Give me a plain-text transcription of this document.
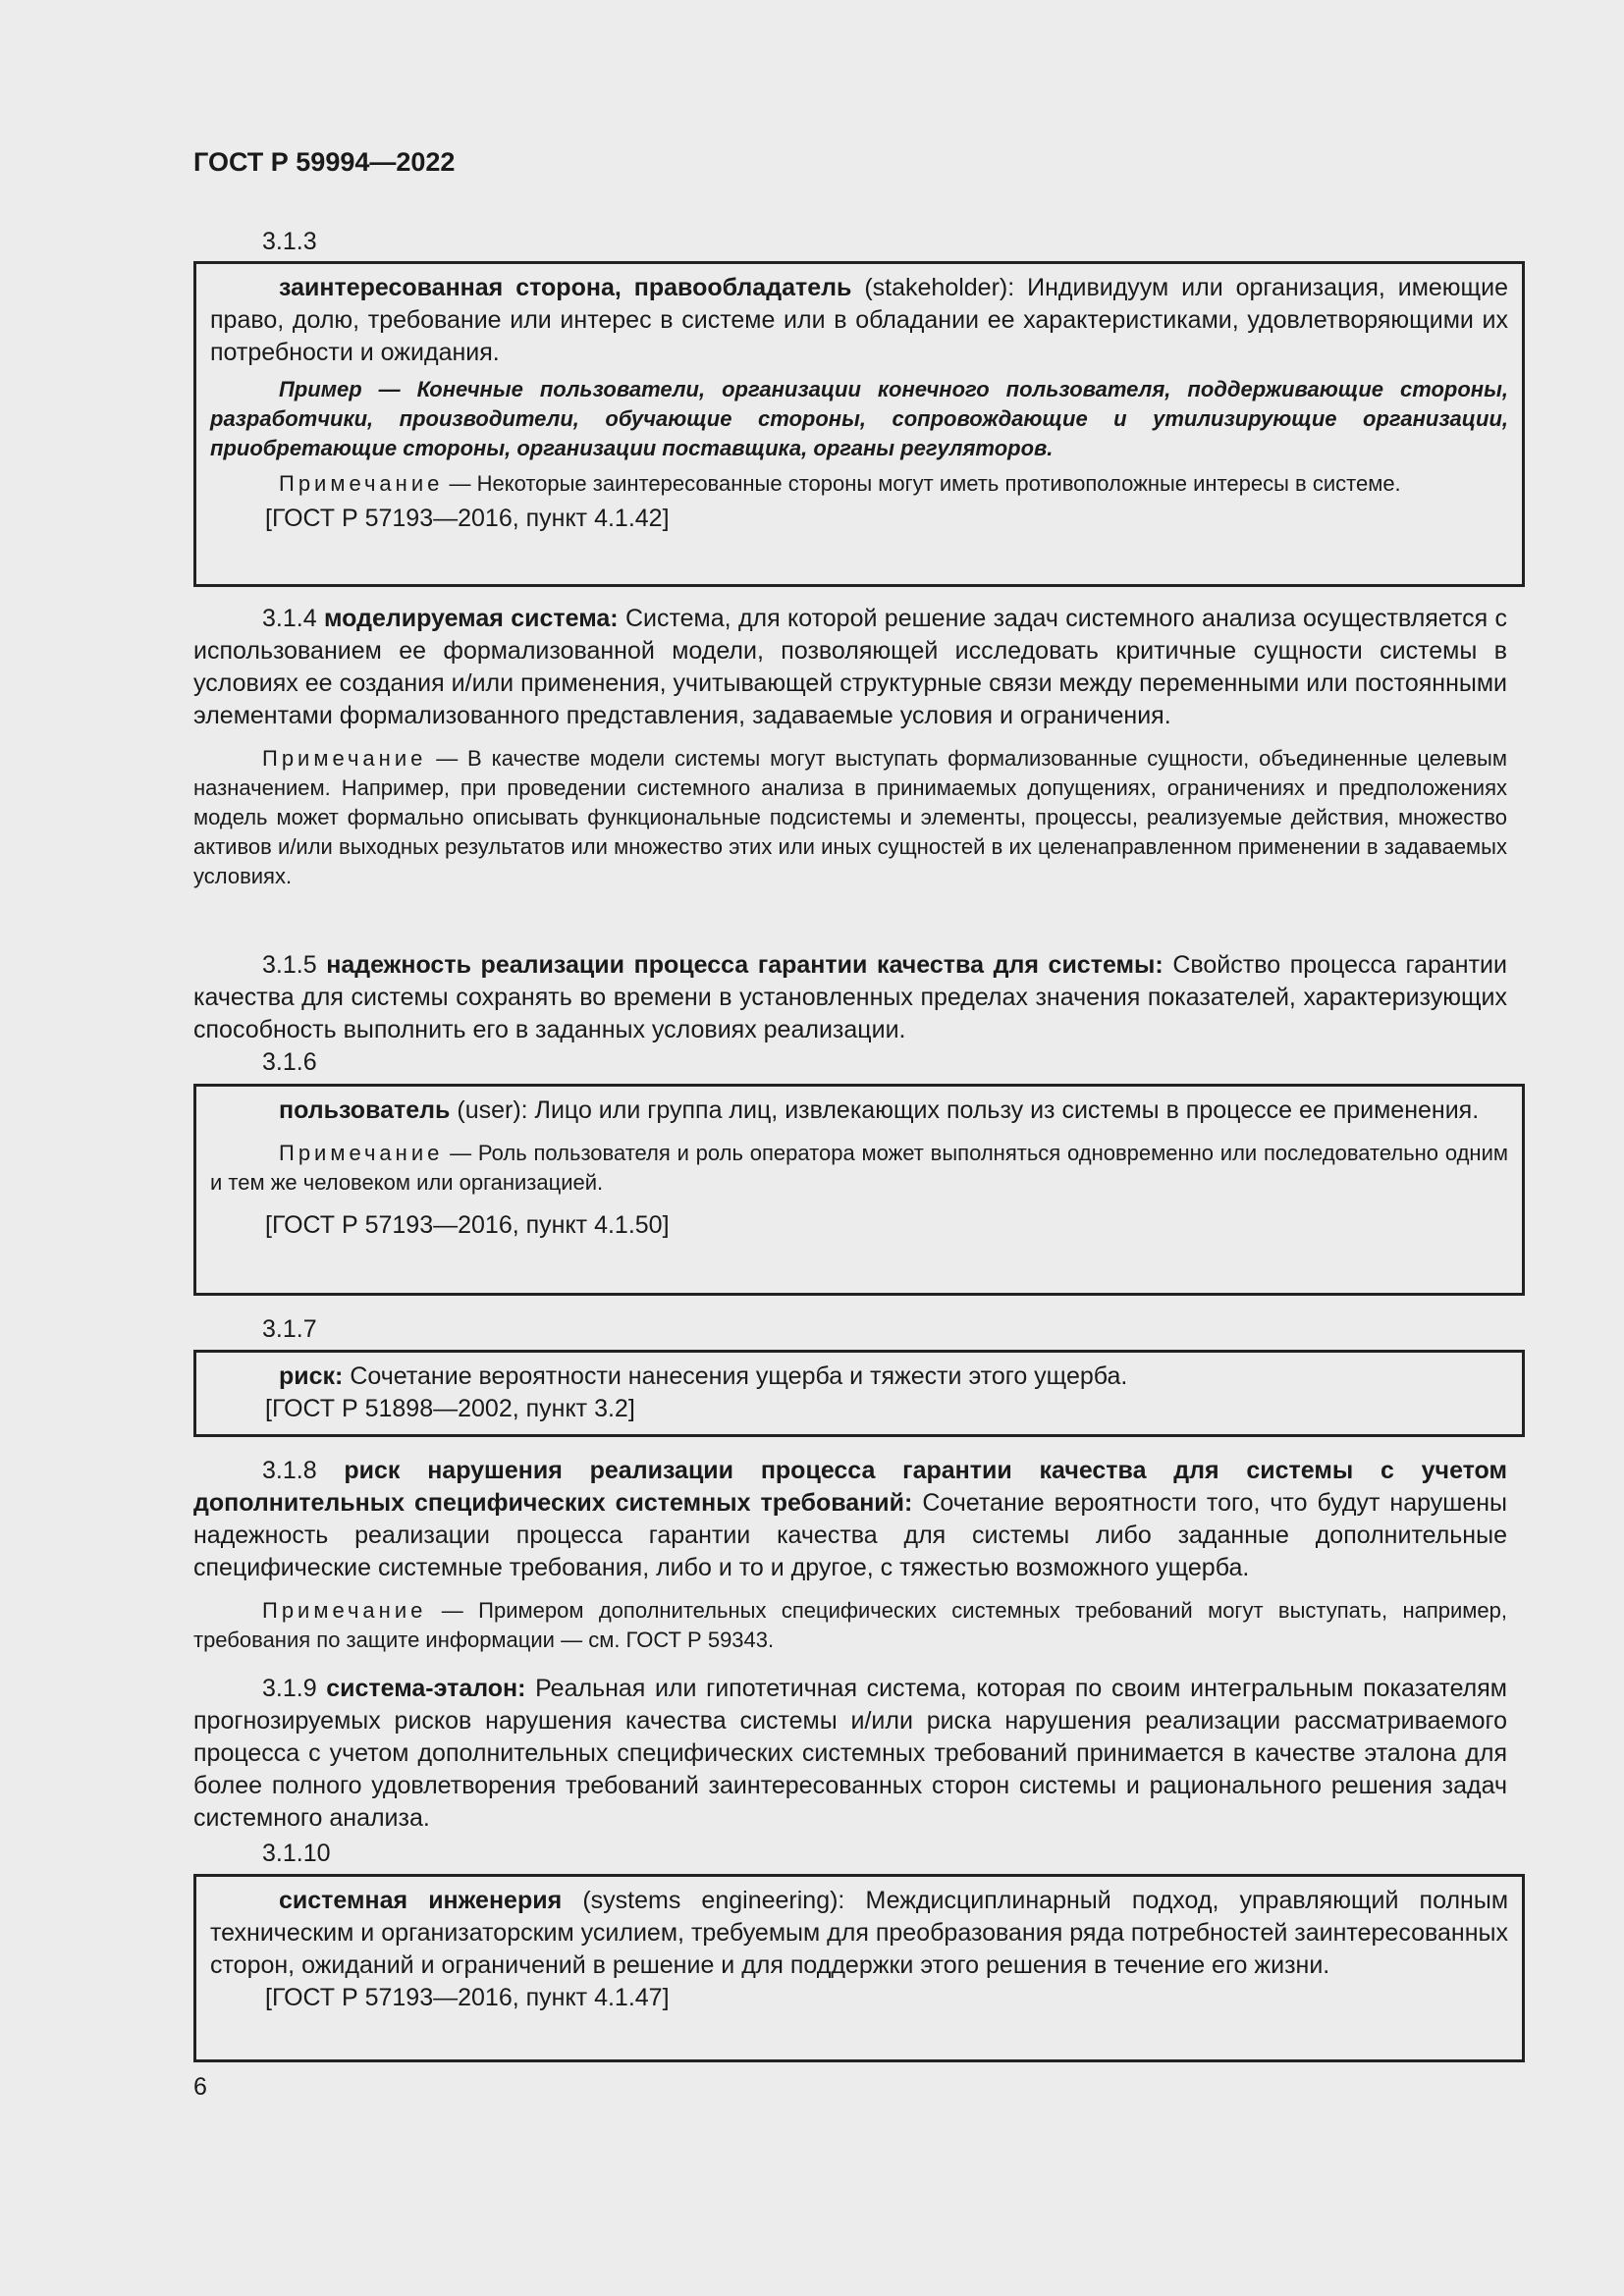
ГОСТ Р 59994—2022
3.1.3

заинтересованная сторона, правообладатель (stakeholder): Индивидуум или организация, имеющие право, долю, требование или интерес в системе или в обладании ее характеристиками, удовлетворяющими их потребности и ожидания.

Пример — Конечные пользователи, организации конечного пользователя, поддерживающие стороны, разработчики, производители, обучающие стороны, сопровождающие и утилизирующие организации, приобретающие стороны, организации поставщика, органы регуляторов.

Примечание — Некоторые заинтересованные стороны могут иметь противоположные интересы в системе.

[ГОСТ Р 57193—2016, пункт 4.1.42]

3.1.4 моделируемая система: Система, для которой решение задач системного анализа осуществляется с использованием ее формализованной модели, позволяющей исследовать критичные сущности системы в условиях ее создания и/или применения, учитывающей структурные связи между переменными или постоянными элементами формализованного представления, задаваемые условия и ограничения.

Примечание — В качестве модели системы могут выступать формализованные сущности, объединенные целевым назначением. Например, при проведении системного анализа в принимаемых допущениях, ограничениях и предположениях модель может формально описывать функциональные подсистемы и элементы, процессы, реализуемые действия, множество активов и/или выходных результатов или множество этих или иных сущностей в их целенаправленном применении в задаваемых условиях.

3.1.5 надежность реализации процесса гарантии качества для системы: Свойство процесса гарантии качества для системы сохранять во времени в установленных пределах значения показателей, характеризующих способность выполнить его в заданных условиях реализации.

3.1.6

пользователь (user): Лицо или группа лиц, извлекающих пользу из системы в процессе ее применения.

Примечание — Роль пользователя и роль оператора может выполняться одновременно или последовательно одним и тем же человеком или организацией.

[ГОСТ Р 57193—2016, пункт 4.1.50]

3.1.7

риск: Сочетание вероятности нанесения ущерба и тяжести этого ущерба.

[ГОСТ Р 51898—2002, пункт 3.2]

3.1.8 риск нарушения реализации процесса гарантии качества для системы с учетом дополнительных специфических системных требований: Сочетание вероятности того, что будут нарушены надежность реализации процесса гарантии качества для системы либо заданные дополнительные специфические системные требования, либо и то и другое, с тяжестью возможного ущерба.

Примечание — Примером дополнительных специфических системных требований могут выступать, например, требования по защите информации — см. ГОСТ Р 59343.

3.1.9 система-эталон: Реальная или гипотетичная система, которая по своим интегральным показателям прогнозируемых рисков нарушения качества системы и/или риска нарушения реализации рассматриваемого процесса с учетом дополнительных специфических системных требований принимается в качестве эталона для более полного удовлетворения требований заинтересованных сторон системы и рационального решения задач системного анализа.

3.1.10

системная инженерия (systems engineering): Междисциплинарный подход, управляющий полным техническим и организаторским усилием, требуемым для преобразования ряда потребностей заинтересованных сторон, ожиданий и ограничений в решение и для поддержки этого решения в течение его жизни.

[ГОСТ Р 57193—2016, пункт 4.1.47]

6
